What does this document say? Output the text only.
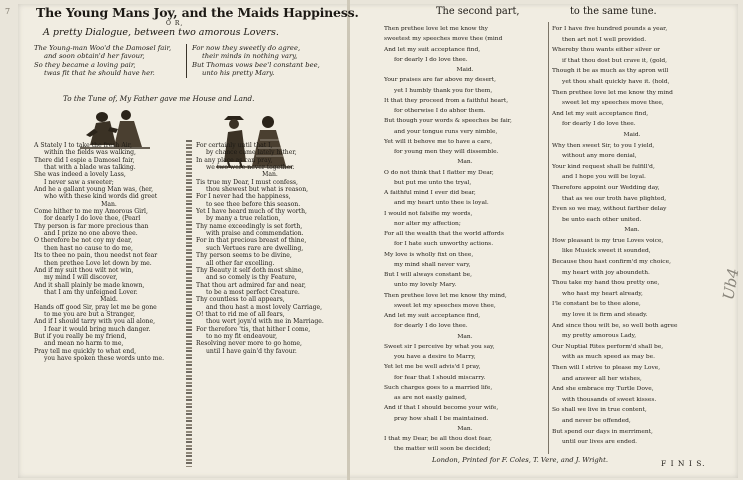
7 The Young Mans Joy, and the Maids Happiness.
O R,
A pretty Dialogue, between two amorous Lovers.
The Young-man Woo'd the Damosel fair,
and soon obtain'd her favour,
So they became a loving pair,
twas fit that he should have her.
For now they sweetly do agree,
their minds in nothing vary,
But Thomas vows bee'l constant bee,
unto his pretty Mary.
To the Tune of, My Father gave me House and Land.
A Stately I to take the fresh Air,
within the fields was walking,
There did I espie a Damosel fair,
that with a blade was talking.
She was indeed a lovely Lass,
I never saw a sweeter;
And he a gallant young Man was, (her,
who with these kind words did greet
Man.
Come hither to me my Amorous Girl,
for dearly I do love thee, (Pearl
Thy person is far more precious than
and I prize no one above thee.
O therefore be not coy my dear,
then hast no cause to do me,
Its to thee no pain, thou needst not fear
then prethee Love let down by me.
And if my suit thou wilt not win,
my mind I will discover,
And it shall plainly be made known,
that I am thy unfeigned Lover.
Maid.
Hands off good Sir, pray let me be gone
to me you are but a Stranger,
And if I should tarry with you all alone,
I fear it would bring much danger.
But if you really be my friend,
and mean no harm to me,
Pray tell me quickly to what end,
you have spoken these words unto me.
For certainly until that I,
by chance came lately hither,
In any place as can pray,
we two were never together.
Man.
Tis true my Dear, I must confess,
thou shewest but what is reason,
For I never had the happiness,
to see thee before this season.
Yet I have heard much of thy worth,
by many a true relation,
Thy name exceedingly is set forth,
with praise and commendation.
For in that precious breast of thine,
such Vertues rare are dwelling,
Thy person seems to be divine,
all other far excelling.
Thy Beauty it self doth most shine,
and so comely is thy Feature,
That thou art admired far and near,
to be a most perfect Creature.
Thy countless to all appears,
and thou hast a most lovely Carriage,
O! that to rid me of all fears,
thou wert joyn'd with me in Marriage.
For therefore 'tis, that hither I come,
to no my fit endeavour,
Resolving never more to go home,
until I have gain'd thy favour.
The second part,	to the same tune.
Then prethee love let me know thy
sweetest my speeches move thee (mind
And let my suit acceptance find,
for dearly I do love thee.
Maid.
Your praises are far above my desert,
yet I humbly thank you for them,
It that they proceed from a faithful heart,
for otherwise I do abhor them.
But though your words & speeches be fair,
and your tongue runs very nimble,
Yet will it behove me to have a care,
for young men they will dissemble.
Man.
O do not think that I flatter my Dear,
but put me unto the tryal,
A faithful mind I ever did bear,
and my heart unto thee is loyal.
I would not falsifie my words,
nor alter my affection;
For all the wealth that the world affords
for I hate such unworthy actions.
My love is wholly fixt on thee,
my mind shall never vary,
But I will always constant be,
unto my lovely Mary.
Then prethee love let me know thy mind,
sweet let my speeches move thee,
And let my suit acceptance find,
for dearly I do love thee.
Man.
Sweet sir I perceive by what you say,
you have a desire to Marry,
Yet let me be well advis'd I pray,
for fear that I should miscarry.
Such charges goes to a married life,
as are not easily gained,
And if that I should become your wife,
pray how shall I be maintained.
Man.
I that my Dear, be all thou dost fear,
the matter will soon be decided;
For I have five hundred pounds a year,
then art not I well provided.
Whereby thou wants either silver or
if that thou dost but crave it, (gold,
Though it be as much as thy apron will
yet thou shalt quickly have it. (hold,
Then prethee love let me know thy mind
sweet let my speeches move thee,
And let my suit acceptance find,
for dearly I do love thee.
Maid.
Why then sweet Sir, to you I yield,
without any more denial,
Your kind request shall be fulfill'd,
and I hope you will be loyal.
Therefore appoint our Wedding day,
that as we our troth have plighted,
Even so we may, without farther delay
be unto each other united.
Man.
How pleasant is my true Loves voice,
like Musick sweet it sounded,
Because thou hast confirm'd my choice,
my heart with joy aboundeth.
Thou take my hand thou pretty one,
who hast my heart already,
I'le constant be to thee alone,
my love it is firm and steady.
And since thou wilt be, so well both agree
my pretty amorous Lady,
Our Nuptial Rites perform'd shall be,
with as much speed as may be.
Then will I strive to please my Love,
and answer all her wishes,
And she embrace my Turtle Dove,
with thousands of sweet kisses.
So shall we live in true content,
and never be offended,
But spend our days in merriment,
until our lives are ended.
London, Printed for F. Coles, T. Vere, and J. Wright.	F I N I S.
Ub4
